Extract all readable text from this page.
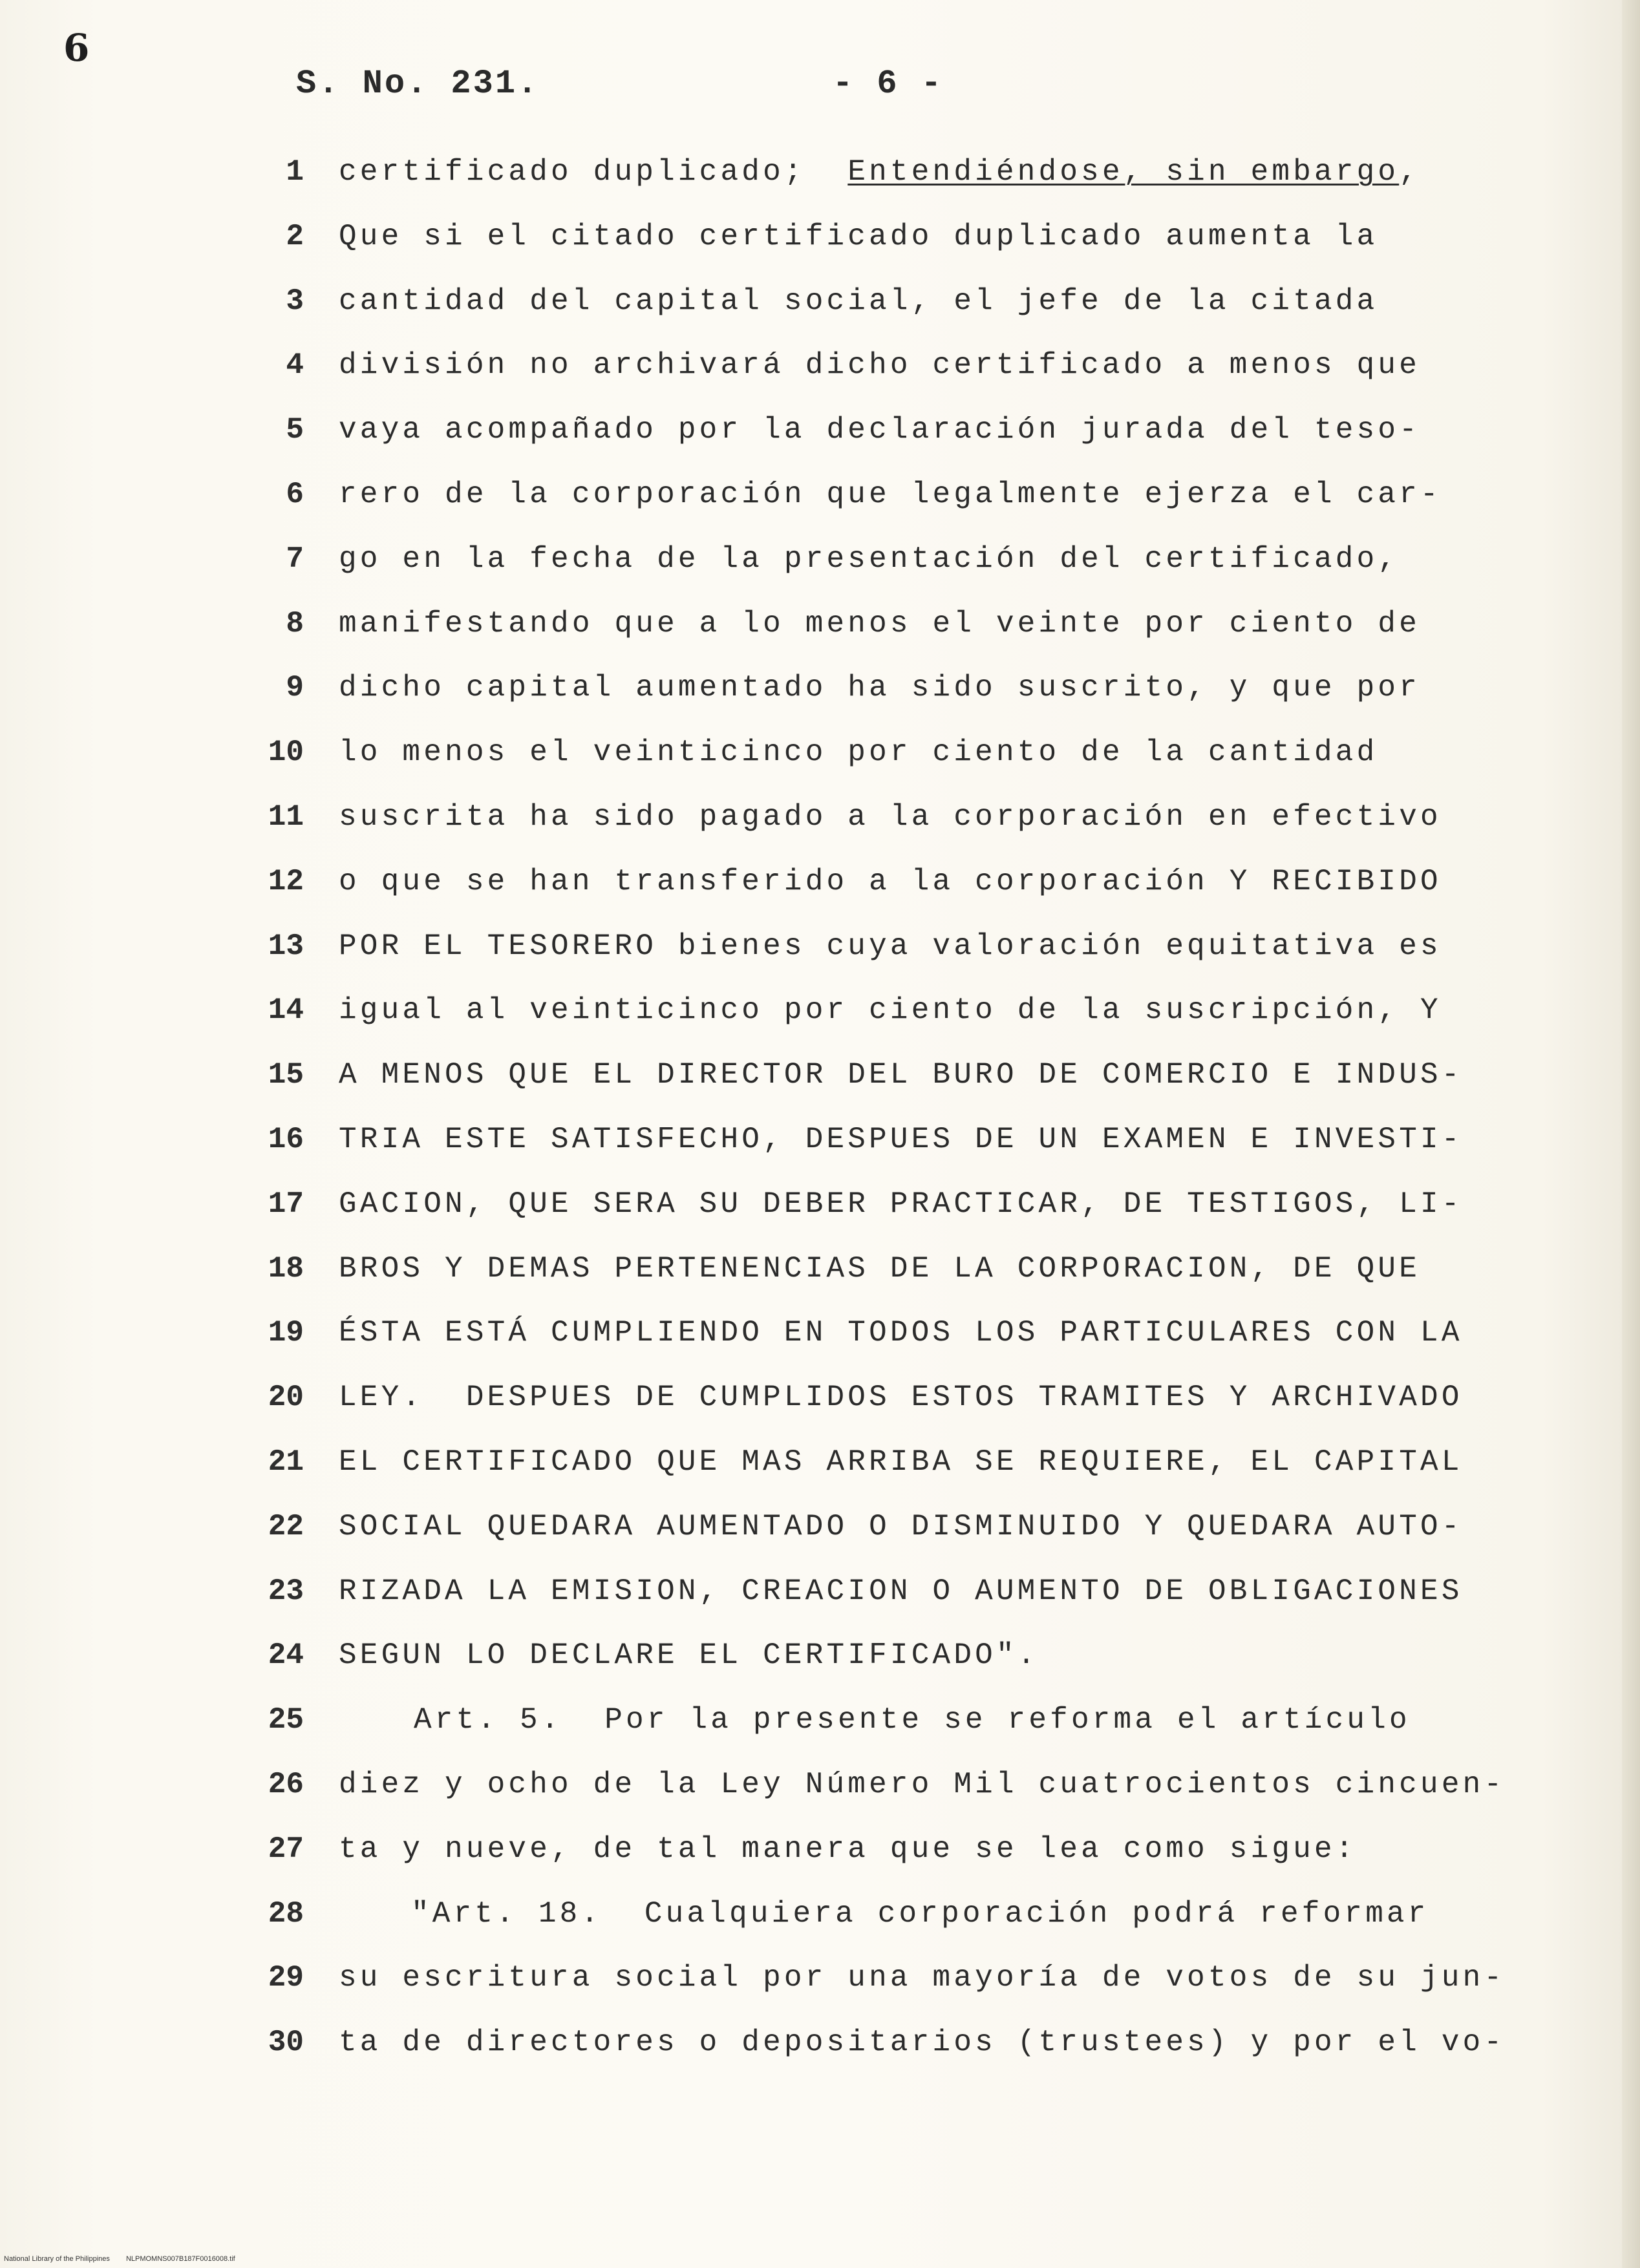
6
S. No. 231.	- 6 -
1 certificado duplicado;  Entendiéndose, sin embargo,
2 Que si el citado certificado duplicado aumenta la
3 cantidad del capital social, el jefe de la citada
4 división no archivará dicho certificado a menos que
5 vaya acompañado por la declaración jurada del teso-
6 rero de la corporación que legalmente ejerza el car-
7 go en la fecha de la presentación del certificado,
8 manifestando que a lo menos el veinte por ciento de
9 dicho capital aumentado ha sido suscrito, y que por
10 lo menos el veinticinco por ciento de la cantidad
11 suscrita ha sido pagado a la corporación en efectivo
12 o que se han transferido a la corporación Y RECIBIDO
13 POR EL TESORERO bienes cuya valoración equitativa es
14 igual al veinticinco por ciento de la suscripción, Y
15 A MENOS QUE EL DIRECTOR DEL BURO DE COMERCIO E INDUS-
16 TRIA ESTE SATISFECHO, DESPUES DE UN EXAMEN E INVESTI-
17 GACION, QUE SERA SU DEBER PRACTICAR, DE TESTIGOS, LI-
18 BROS Y DEMAS PERTENENCIAS DE LA CORPORACION, DE QUE
19 ÉSTA ESTÁ CUMPLIENDO EN TODOS LOS PARTICULARES CON LA
20 LEY.  DESPUES DE CUMPLIDOS ESTOS TRAMITES Y ARCHIVADO
21 EL CERTIFICADO QUE MAS ARRIBA SE REQUIERE, EL CAPITAL
22 SOCIAL QUEDARA AUMENTADO O DISMINUIDO Y QUEDARA AUTO-
23 RIZADA LA EMISION, CREACION O AUMENTO DE OBLIGACIONES
24 SEGUN LO DECLARE EL CERTIFICADO".
25	Art. 5.  Por la presente se reforma el artículo
26 diez y ocho de la Ley Número Mil cuatrocientos cincuen-
27 ta y nueve, de tal manera que se lea como sigue:
28	"Art. 18.  Cualquiera corporación podrá reformar
29 su escritura social por una mayoría de votos de su jun-
30 ta de directores o depositarios (trustees) y por el vo-
National Library of the Philippines NLPMOMNS007B187F0016008.tif
